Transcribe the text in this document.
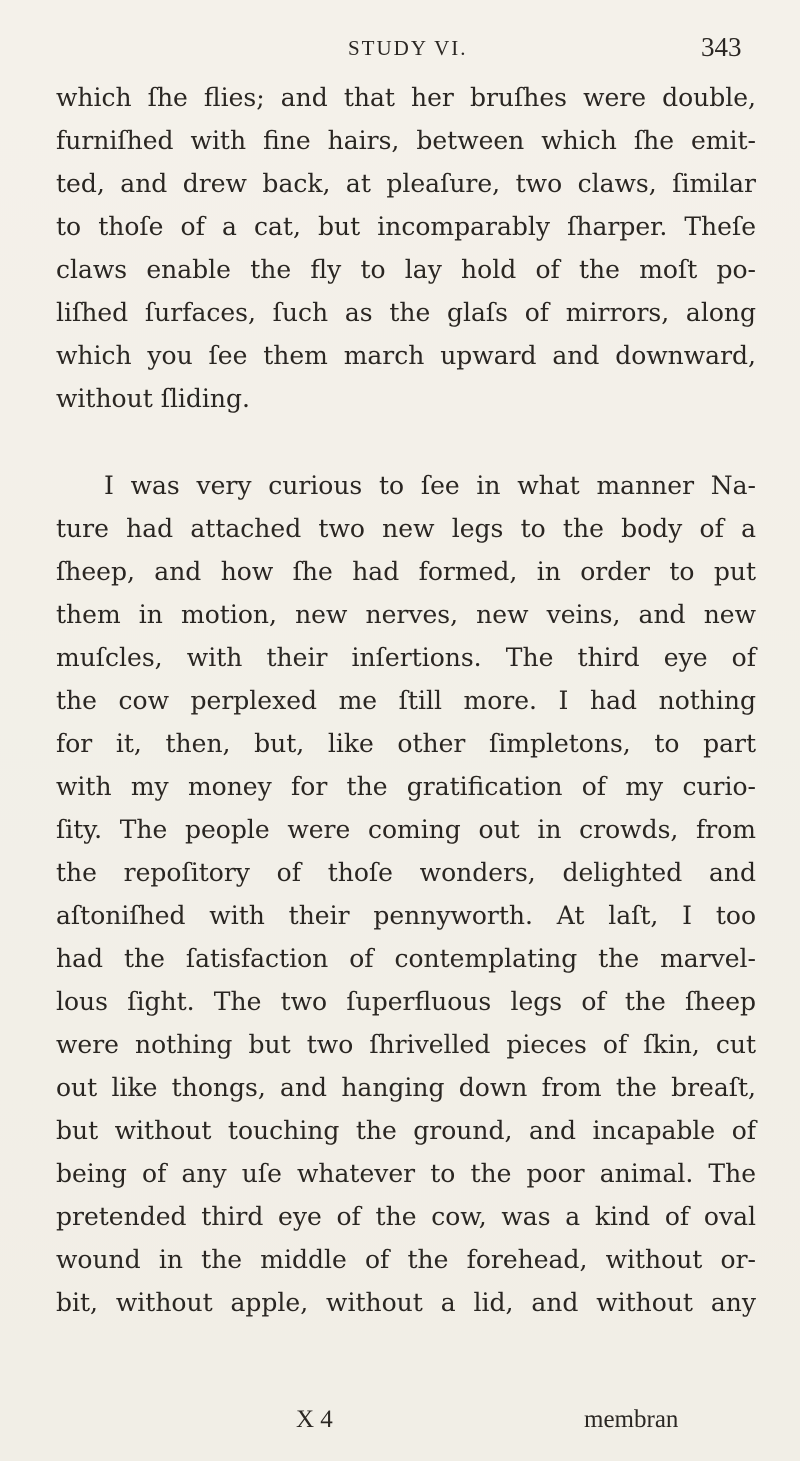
STUDY VI.	343
which ſhe flies; and that her bruſhes were double,
furniſhed with fine hairs, between which ſhe emit-
ted, and drew back, at pleaſure, two claws, ſimilar
to thoſe of a cat, but incomparably ſharper. Theſe
claws enable the fly to lay hold of the moſt po-
liſhed ſurfaces, ſuch as the glaſs of mirrors, along
which you ſee them march upward and downward,
without ſliding.
I was very curious to ſee in what manner Na-
ture had attached two new legs to the body of a
ſheep, and how ſhe had formed, in order to put
them in motion, new nerves, new veins, and new
muſcles, with their inſertions. The third eye of
the cow perplexed me ſtill more. I had nothing
for it, then, but, like other ſimpletons, to part
with my money for the gratification of my curio-
ſity. The people were coming out in crowds, from
the repoſitory of thoſe wonders, delighted and
aſtoniſhed with their pennyworth. At laſt, I too
had the ſatisfaction of contemplating the marvel-
lous ſight. The two ſuperfluous legs of the ſheep
were nothing but two ſhrivelled pieces of ſkin, cut
out like thongs, and hanging down from the breaſt,
but without touching the ground, and incapable of
being of any uſe whatever to the poor animal. The
pretended third eye of the cow, was a kind of oval
wound in the middle of the forehead, without or-
bit, without apple, without a lid, and without any
X 4	membran
